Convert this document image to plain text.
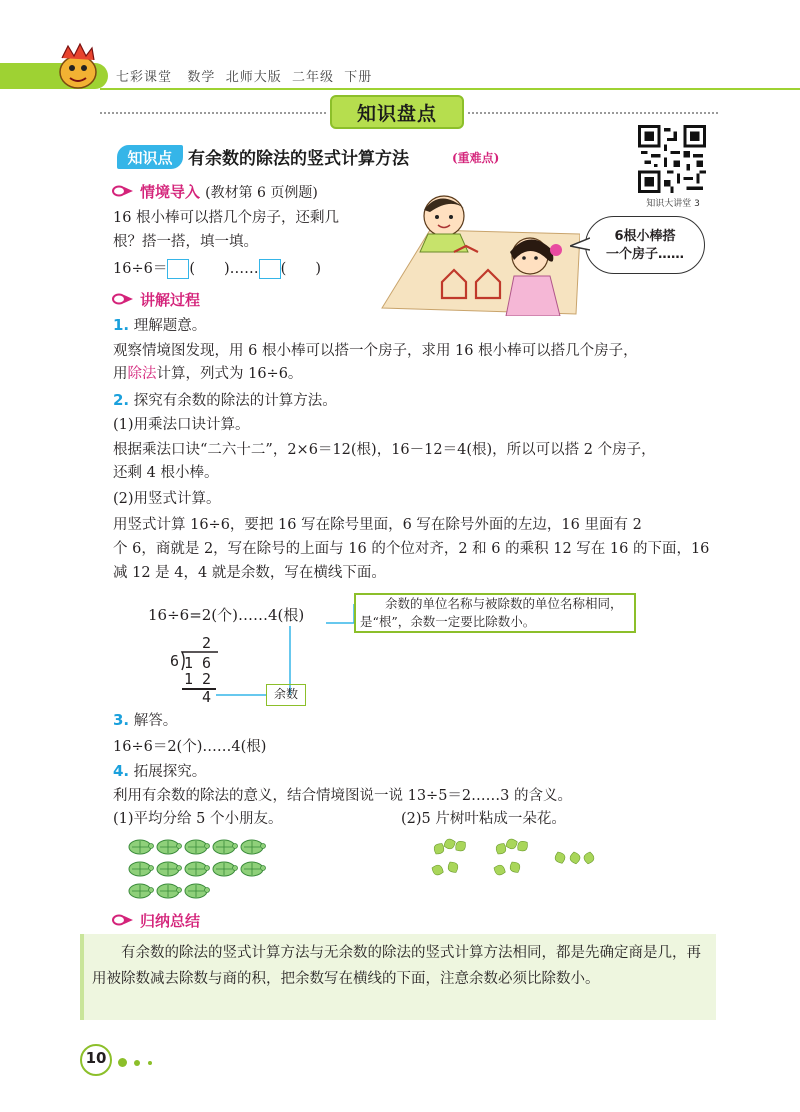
七彩课堂 数学 北师大版 二年级 下册
知识盘点
知识点 有余数的除法的竖式计算方法	(重难点)
知识大讲堂 3
情境导入 (教材第 6 页例题)
16 根小棒可以搭几个房子，还剩几
根？搭一搭，填一填。
16÷6＝ (　　)…… (　　)
6根小棒搭
一个房子……
讲解过程
1. 理解题意。
观察情境图发现，用 6 根小棒可以搭一个房子，求用 16 根小棒可以搭几个房子，
用除法计算，列式为 16÷6。
2. 探究有余数的除法的计算方法。
(1)用乘法口诀计算。
根据乘法口诀“二六十二”，2×6＝12(根)，16－12＝4(根)，所以可以搭 2 个房子，
还剩 4 根小棒。
(2)用竖式计算。
用竖式计算 16÷6，要把 16 写在除号里面，6 写在除号外面的左边，16 里面有 2
个 6，商就是 2，写在除号的上面与 16 的个位对齐，2 和 6 的乘积 12 写在 16 的下面，16
减 12 是 4，4 就是余数，写在横线下面。
16÷6=2(个)……4(根)
余数的单位名称与被除数的单位名称相同，是“根”，余数一定要比除数小。
2
6 1 6
1 2
4	余数
3. 解答。
16÷6＝2(个)……4(根)
4. 拓展探究。
利用有余数的除法的意义，结合情境图说一说 13÷5＝2……3 的含义。
(1)平均分给 5 个小朋友。	(2)5 片树叶粘成一朵花。
归纳总结
有余数的除法的竖式计算方法与无余数的除法的竖式计算方法相同，都是先确定商是几，再用被除数减去除数与商的积，把余数写在横线的下面，注意余数必须比除数小。
10
